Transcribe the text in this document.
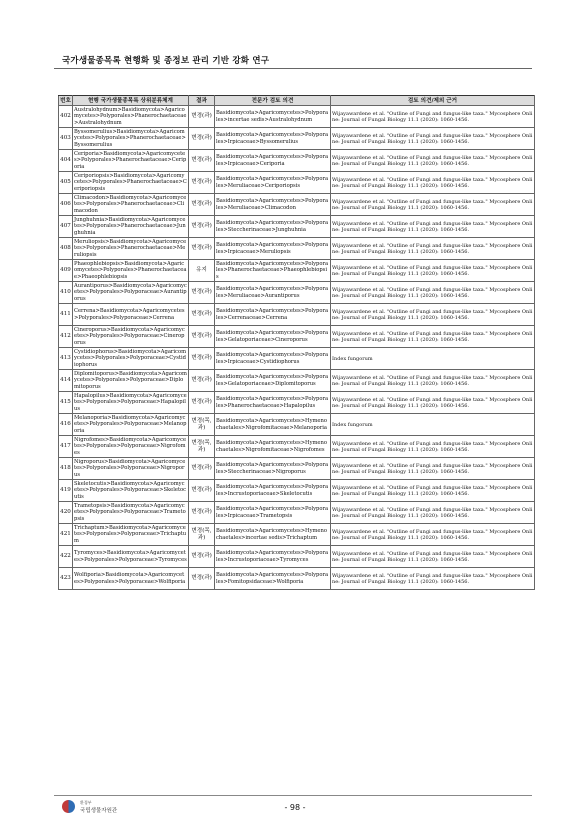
국가생물종목록 현행화 및 종정보 관리 기반 강화 연구
번호	현행 국가생물종목록 상위분류체계	결과	전문가 검토 의견	검토 의견/제외 근거
402	Australohydnum>Basidiomycota>Agaricomycetes>Polyporales>Phanerochaetaceae>Australohydnum	변경(과)	Basidiomycota>Agaricomycetes>Polyporales>incertae sedis>Australohydnum	Wijayawardene et al. "Outline of Fungi and fungus-like taxa." Mycosphere Online: Journal of Fungal Biology 11.1 (2020): 1060-1456.
403	Byssomerulius>Basidiomycota>Agaricomycetes>Polyporales>Phanerochaetaceae>Byssomerulius	변경(과)	Basidiomycota>Agaricomycetes>Polyporales>Irpicaceae>Byssomerulius	Wijayawardene et al. "Outline of Fungi and fungus-like taxa." Mycosphere Online: Journal of Fungal Biology 11.1 (2020): 1060-1456.
404	Ceriporia>Basidiomycota>Agaricomycetes>Polyporales>Phanerochaetaceae>Ceriporia	변경(과)	Basidiomycota>Agaricomycetes>Polyporales>Irpicaceae>Ceriporia	Wijayawardene et al. "Outline of Fungi and fungus-like taxa." Mycosphere Online: Journal of Fungal Biology 11.1 (2020): 1060-1456.
405	Ceriporiopsis>Basidiomycota>Agaricomycetes>Polyporales>Phanerochaetaceae>Ceriporiopsis	변경(과)	Basidiomycota>Agaricomycetes>Polyporales>Meruliaceae>Ceriporiopsis	Wijayawardene et al. "Outline of Fungi and fungus-like taxa." Mycosphere Online: Journal of Fungal Biology 11.1 (2020): 1060-1456.
406	Climacodon>Basidiomycota>Agaricomycetes>Polyporales>Phanerochaetaceae>Climacodon	변경(과)	Basidiomycota>Agaricomycetes>Polyporales>Meruliaceae>Climacodon	Wijayawardene et al. "Outline of Fungi and fungus-like taxa." Mycosphere Online: Journal of Fungal Biology 11.1 (2020): 1060-1456.
407	Junghuhnia>Basidiomycota>Agaricomycetes>Polyporales>Phanerochaetaceae>Junghuhnia	변경(과)	Basidiomycota>Agaricomycetes>Polyporales>Steccherinaceae>Junghuhnia	Wijayawardene et al. "Outline of Fungi and fungus-like taxa." Mycosphere Online: Journal of Fungal Biology 11.1 (2020): 1060-1456.
408	Meruliopsis>Basidiomycota>Agaricomycetes>Polyporales>Phanerochaetaceae>Meruliopsis	변경(과)	Basidiomycota>Agaricomycetes>Polyporales>Irpicaceae>Meruliopsis	Wijayawardene et al. "Outline of Fungi and fungus-like taxa." Mycosphere Online: Journal of Fungal Biology 11.1 (2020): 1060-1456.
409	Phaeophlebiopsis>Basidiomycota>Agaricomycetes>Polyporales>Phanerochaetaceae>Phaeophlebiopsis	유지	Basidiomycota>Agaricomycetes>Polyporales>Phanerochaetaceae>Phaeophlebiopsis	Wijayawardene et al. "Outline of Fungi and fungus-like taxa." Mycosphere Online: Journal of Fungal Biology 11.1 (2020): 1060-1456.
410	Aurantiporus>Basidiomycota>Agaricomycetes>Polyporales>Polyporaceae>Aurantiporus	변경(과)	Basidiomycota>Agaricomycetes>Polyporales>Meruliaceae>Aurantiporus	Wijayawardene et al. "Outline of Fungi and fungus-like taxa." Mycosphere Online: Journal of Fungal Biology 11.1 (2020): 1060-1456.
411	Cerrena>Basidiomycota>Agaricomycetes>Polyporales>Polyporaceae>Cerrena	변경(과)	Basidiomycota>Agaricomycetes>Polyporales>Cerrenaceae>Cerrena	Wijayawardene et al. "Outline of Fungi and fungus-like taxa." Mycosphere Online: Journal of Fungal Biology 11.1 (2020): 1060-1456.
412	Cineroporus>Basidiomycota>Agaricomycetes>Polyporales>Polyporaceae>Cineroporus	변경(과)	Basidiomycota>Agaricomycetes>Polyporales>Gelatoporiaceae>Cineroporus	Wijayawardene et al. "Outline of Fungi and fungus-like taxa." Mycosphere Online: Journal of Fungal Biology 11.1 (2020): 1060-1456.
413	Cystidiophorus>Basidiomycota>Agaricomycetes>Polyporales>Polyporaceae>Cystidiophorus	변경(과)	Basidiomycota>Agaricomycetes>Polyporales>Irpicaceae>Cystidiophorus	Index fungorum
414	Diplomitoporus>Basidiomycota>Agaricomycetes>Polyporales>Polyporaceae>Diplomitoporus	변경(과)	Basidiomycota>Agaricomycetes>Polyporales>Gelatoporiaceae>Diplomitoporus	Wijayawardene et al. "Outline of Fungi and fungus-like taxa." Mycosphere Online: Journal of Fungal Biology 11.1 (2020): 1060-1456.
415	Hapalopilus>Basidiomycota>Agaricomycetes>Polyporales>Polyporaceae>Hapalopilus	변경(과)	Basidiomycota>Agaricomycetes>Polyporales>Phanerochaetaceae>Hapalopilus	Wijayawardene et al. "Outline of Fungi and fungus-like taxa." Mycosphere Online: Journal of Fungal Biology 11.1 (2020): 1060-1456.
416	Melanoporia>Basidiomycota>Agaricomycetes>Polyporales>Polyporaceae>Melanoporia	변경(목, 과)	Basidiomycota>Agaricomycetes>Hymenochaetales>Nigrofomitaceae>Melanoporia	Index fungorum
417	Nigrofomes>Basidiomycota>Agaricomycetes>Polyporales>Polyporaceae>Nigrofomes	변경(목, 과)	Basidiomycota>Agaricomycetes>Hymenochaetales>Nigrofomitaceae>Nigrofomes	Wijayawardene et al. "Outline of Fungi and fungus-like taxa." Mycosphere Online: Journal of Fungal Biology 11.1 (2020): 1060-1456.
418	Nigroporus>Basidiomycota>Agaricomycetes>Polyporales>Polyporaceae>Nigroporus	변경(과)	Basidiomycota>Agaricomycetes>Polyporales>Steccherinaceae>Nigroporus	Wijayawardene et al. "Outline of Fungi and fungus-like taxa." Mycosphere Online: Journal of Fungal Biology 11.1 (2020): 1060-1456.
419	Skeletocutis>Basidiomycota>Agaricomycetes>Polyporales>Polyporaceae>Skeletocutis	변경(과)	Basidiomycota>Agaricomycetes>Polyporales>Incrustoporiaceae>Skeletocutis	Wijayawardene et al. "Outline of Fungi and fungus-like taxa." Mycosphere Online: Journal of Fungal Biology 11.1 (2020): 1060-1456.
420	Trametopsis>Basidiomycota>Agaricomycetes>Polyporales>Polyporaceae>Trametopsis	변경(과)	Basidiomycota>Agaricomycetes>Polyporales>Irpicaceae>Trametopsis	Wijayawardene et al. "Outline of Fungi and fungus-like taxa." Mycosphere Online: Journal of Fungal Biology 11.1 (2020): 1060-1456.
421	Trichaptum>Basidiomycota>Agaricomycetes>Polyporales>Polyporaceae>Trichaptum	변경(목, 과)	Basidiomycota>Agaricomycetes>Hymenochaetales>incertae sedis>Trichaptum	Wijayawardene et al. "Outline of Fungi and fungus-like taxa." Mycosphere Online: Journal of Fungal Biology 11.1 (2020): 1060-1456.
422	Tyromyces>Basidiomycota>Agaricomycetes>Polyporales>Polyporaceae>Tyromyces	변경(과)	Basidiomycota>Agaricomycetes>Polyporales>Incrustoporiaceae>Tyromyces	Wijayawardene et al. "Outline of Fungi and fungus-like taxa." Mycosphere Online: Journal of Fungal Biology 11.1 (2020): 1060-1456.
423	Wolfiporia>Basidiomycota>Agaricomycetes>Polyporales>Polyporaceae>Wolfiporia	변경(과)	Basidiomycota>Agaricomycetes>Polyporales>Fomitopsidaceae>Wolfiporia	Wijayawardene et al. "Outline of Fungi and fungus-like taxa." Mycosphere Online: Journal of Fungal Biology 11.1 (2020): 1060-1456.
환경부
국립생물자원관	- 98 -
